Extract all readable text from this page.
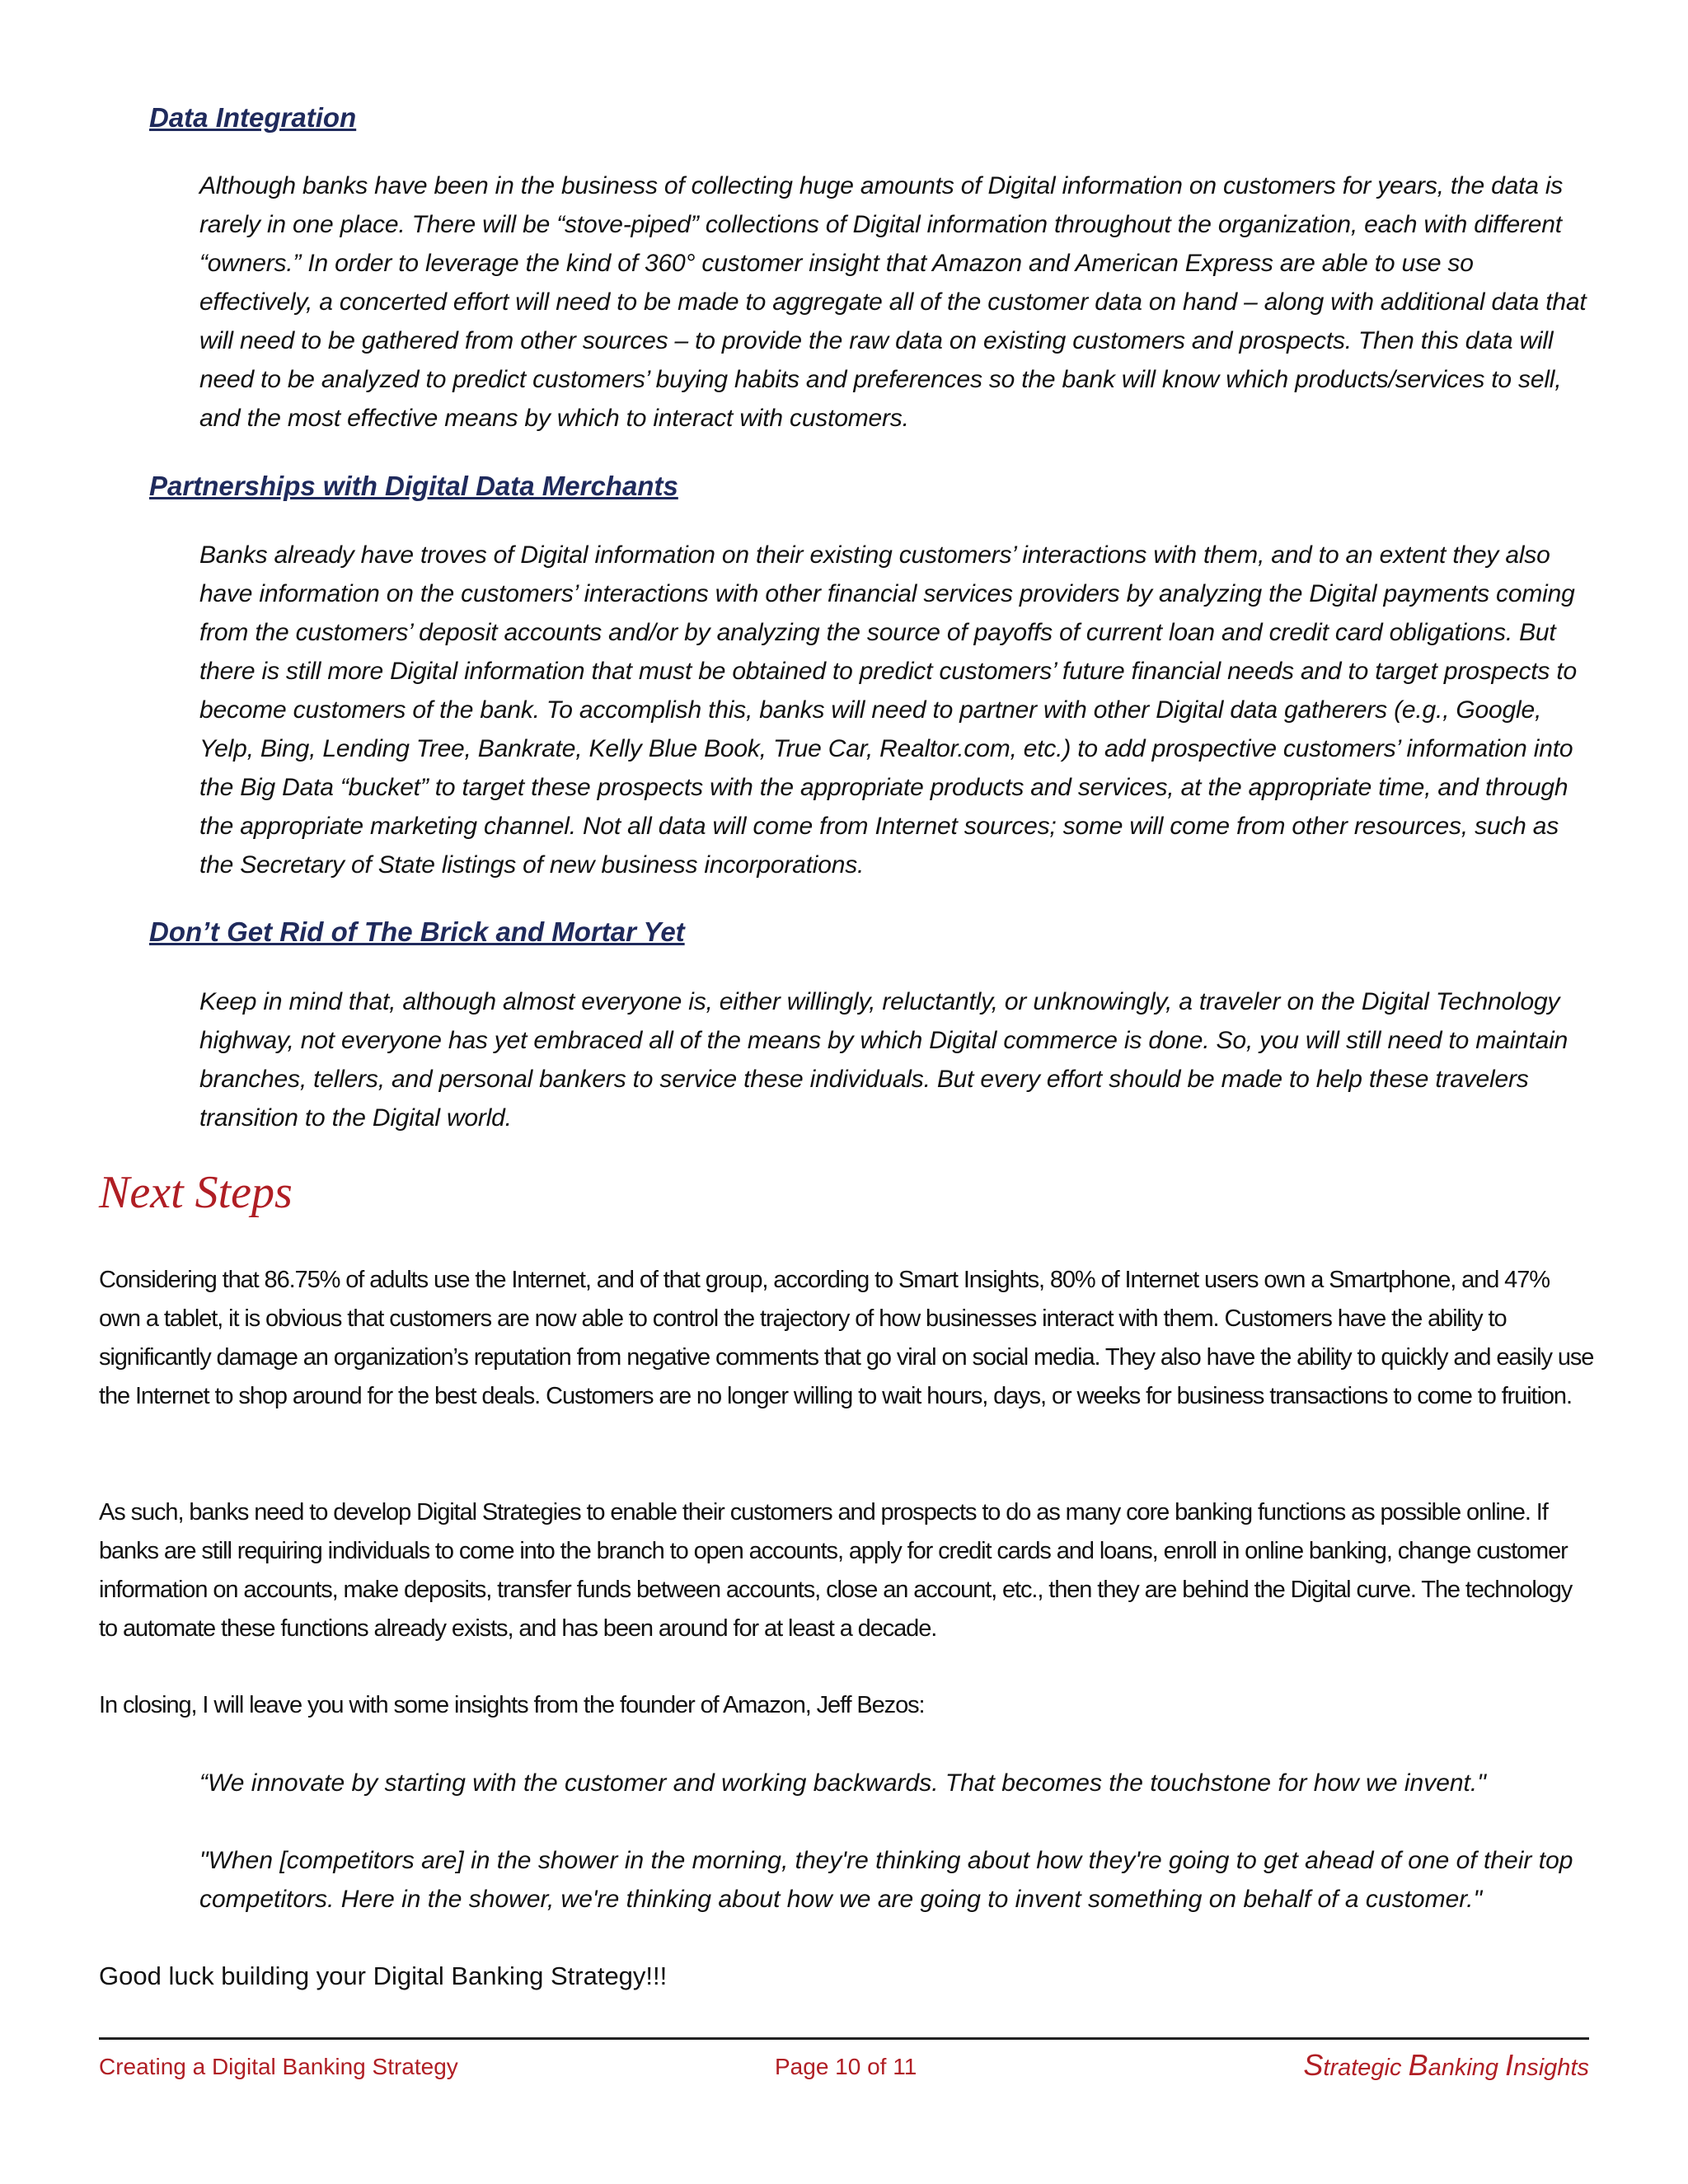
Data Integration

Although banks have been in the business of collecting huge amounts of Digital information on customers for years, the data is rarely in one place. There will be “stove-piped” collections of Digital information throughout the organization, each with different “owners.” In order to leverage the kind of 360° customer insight that Amazon and American Express are able to use so effectively, a concerted effort will need to be made to aggregate all of the customer data on hand – along with additional data that will need to be gathered from other sources – to provide the raw data on existing customers and prospects. Then this data will need to be analyzed to predict customers’ buying habits and preferences so the bank will know which products/services to sell, and the most effective means by which to interact with customers.

Partnerships with Digital Data Merchants

Banks already have troves of Digital information on their existing customers’ interactions with them, and to an extent they also have information on the customers’ interactions with other financial services providers by analyzing the Digital payments coming from the customers’ deposit accounts and/or by analyzing the source of payoffs of current loan and credit card obligations. But there is still more Digital information that must be obtained to predict customers’ future financial needs and to target prospects to become customers of the bank. To accomplish this, banks will need to partner with other Digital data gatherers (e.g., Google, Yelp, Bing, Lending Tree, Bankrate, Kelly Blue Book, True Car, Realtor.com, etc.) to add prospective customers’ information into the Big Data “bucket” to target these prospects with the appropriate products and services, at the appropriate time, and through the appropriate marketing channel. Not all data will come from Internet sources; some will come from other resources, such as the Secretary of State listings of new business incorporations.

Don’t Get Rid of The Brick and Mortar Yet

Keep in mind that, although almost everyone is, either willingly, reluctantly, or unknowingly, a traveler on the Digital Technology highway, not everyone has yet embraced all of the means by which Digital commerce is done. So, you will still need to maintain branches, tellers, and personal bankers to service these individuals. But every effort should be made to help these travelers transition to the Digital world.

Next Steps

Considering that 86.75% of adults use the Internet, and of that group, according to Smart Insights, 80% of Internet users own a Smartphone, and 47% own a tablet, it is obvious that customers are now able to control the trajectory of how businesses interact with them. Customers have the ability to significantly damage an organization’s reputation from negative comments that go viral on social media. They also have the ability to quickly and easily use the Internet to shop around for the best deals. Customers are no longer willing to wait hours, days, or weeks for business transactions to come to fruition.

As such, banks need to develop Digital Strategies to enable their customers and prospects to do as many core banking functions as possible online. If banks are still requiring individuals to come into the branch to open accounts, apply for credit cards and loans, enroll in online banking, change customer information on accounts, make deposits, transfer funds between accounts, close an account, etc., then they are behind the Digital curve. The technology to automate these functions already exists, and has been around for at least a decade.

In closing, I will leave you with some insights from the founder of Amazon, Jeff Bezos:

“We innovate by starting with the customer and working backwards. That becomes the touchstone for how we invent."

"When [competitors are] in the shower in the morning, they're thinking about how they're going to get ahead of one of their top competitors. Here in the shower, we're thinking about how we are going to invent something on behalf of a customer."

Good luck building your Digital Banking Strategy!!!

Creating a Digital Banking Strategy	Page 10 of 11	Strategic Banking Insights
